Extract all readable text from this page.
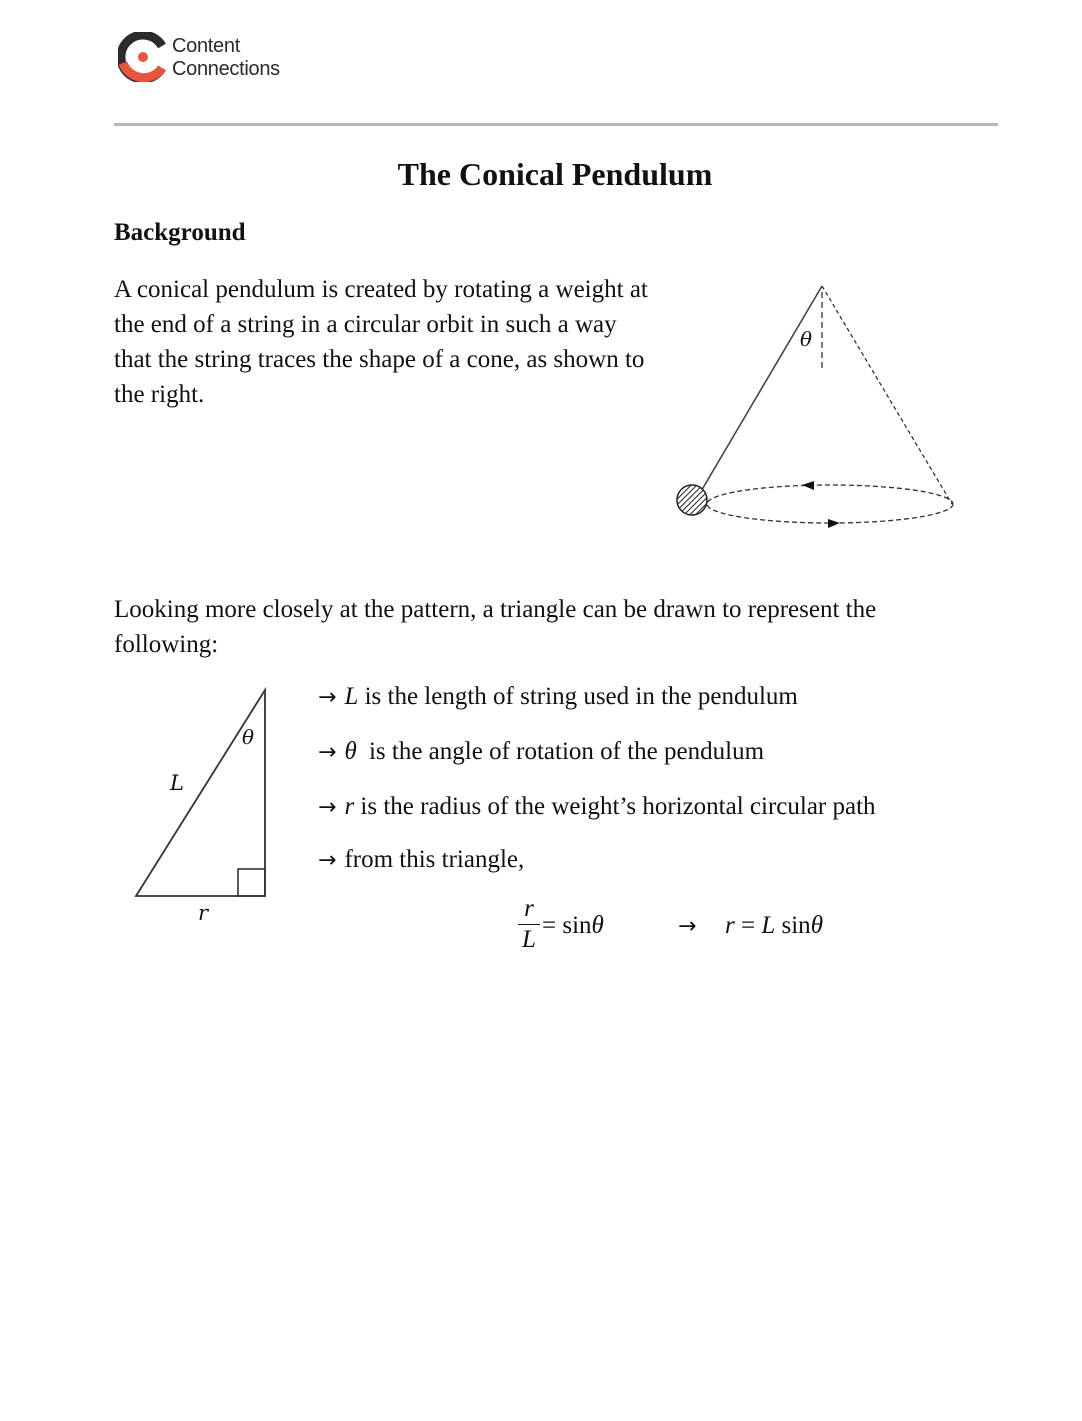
Content
Connections
The Conical Pendulum
Background

A conical pendulum is created by rotating a weight at the end of a string in a circular orbit in such a way that the string traces the shape of a cone, as shown to the right.

θ

Looking more closely at the pattern, a triangle can be drawn to represent the following:

L
θ
r
→ L is the length of string used in the pendulum
→ θ is the angle of rotation of the pendulum
→ r is the radius of the weight’s horizontal circular path
→ from this triangle,
r
L
= sinθ	→	r = L sinθ
